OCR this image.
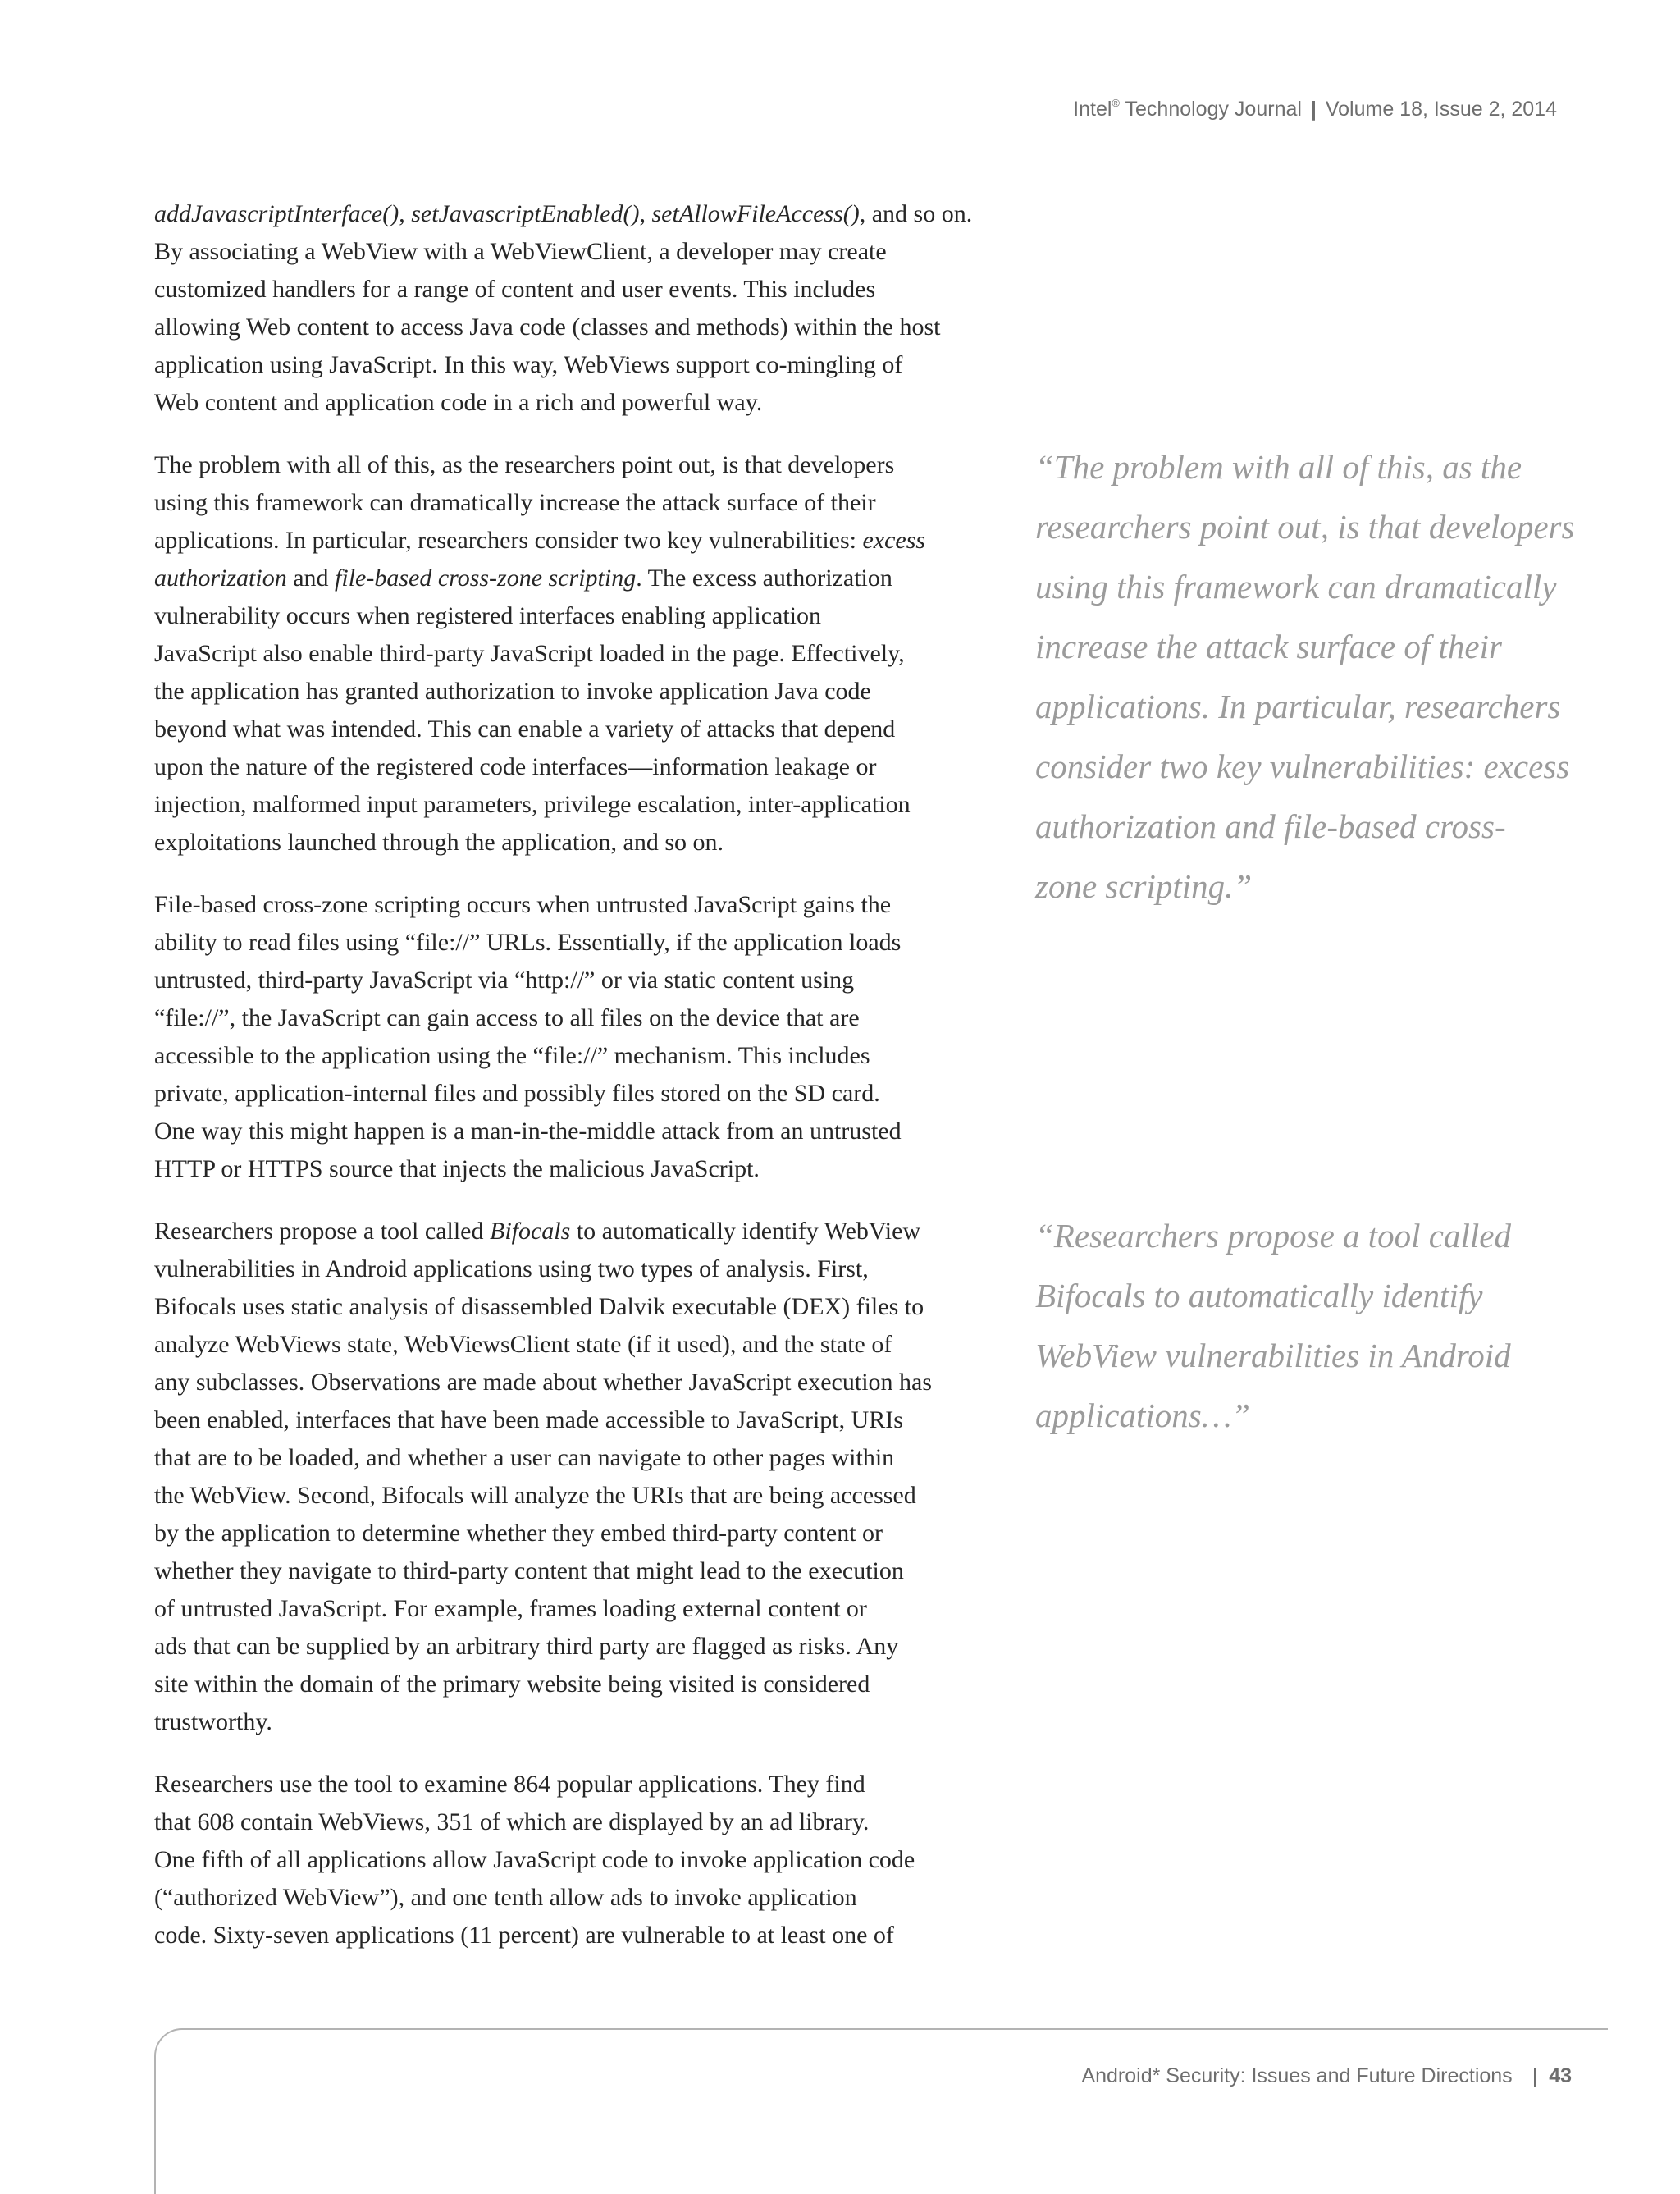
Intel® Technology Journal | Volume 18, Issue 2, 2014

addJavascriptInterface(), setJavascriptEnabled(), setAllowFileAccess(), and so on.
By associating a WebView with a WebViewClient, a developer may create
customized handlers for a range of content and user events. This includes
allowing Web content to access Java code (classes and methods) within the host
application using JavaScript. In this way, WebViews support co-mingling of
Web content and application code in a rich and powerful way.

The problem with all of this, as the researchers point out, is that developers
using this framework can dramatically increase the attack surface of their
applications. In particular, researchers consider two key vulnerabilities: excess
authorization and file-based cross-zone scripting. The excess authorization
vulnerability occurs when registered interfaces enabling application
JavaScript also enable third-party JavaScript loaded in the page. Effectively,
the application has granted authorization to invoke application Java code
beyond what was intended. This can enable a variety of attacks that depend
upon the nature of the registered code interfaces—information leakage or
injection, malformed input parameters, privilege escalation, inter-application
exploitations launched through the application, and so on.

File-based cross-zone scripting occurs when untrusted JavaScript gains the
ability to read files using “file://” URLs. Essentially, if the application loads
untrusted, third-party JavaScript via “http://” or via static content using
“file://”, the JavaScript can gain access to all files on the device that are
accessible to the application using the “file://” mechanism. This includes
private, application-internal files and possibly files stored on the SD card.
One way this might happen is a man-in-the-middle attack from an untrusted
HTTP or HTTPS source that injects the malicious JavaScript.

Researchers propose a tool called Bifocals to automatically identify WebView
vulnerabilities in Android applications using two types of analysis. First,
Bifocals uses static analysis of disassembled Dalvik executable (DEX) files to
analyze WebViews state, WebViewsClient state (if it used), and the state of
any subclasses. Observations are made about whether JavaScript execution has
been enabled, interfaces that have been made accessible to JavaScript, URIs
that are to be loaded, and whether a user can navigate to other pages within
the WebView. Second, Bifocals will analyze the URIs that are being accessed
by the application to determine whether they embed third-party content or
whether they navigate to third-party content that might lead to the execution
of untrusted JavaScript. For example, frames loading external content or
ads that can be supplied by an arbitrary third party are flagged as risks. Any
site within the domain of the primary website being visited is considered
trustworthy.

Researchers use the tool to examine 864 popular applications. They find
that 608 contain WebViews, 351 of which are displayed by an ad library.
One fifth of all applications allow JavaScript code to invoke application code
(“authorized WebView”), and one tenth allow ads to invoke application
code. Sixty-seven applications (11 percent) are vulnerable to at least one of

“The problem with all of this, as the
researchers point out, is that developers
using this framework can dramatically
increase the attack surface of their
applications. In particular, researchers
consider two key vulnerabilities: excess
authorization and file-based cross-
zone scripting.”
“Researchers propose a tool called
Bifocals to automatically identify
WebView vulnerabilities in Android
applications…”
Android* Security: Issues and Future Directions | 43
